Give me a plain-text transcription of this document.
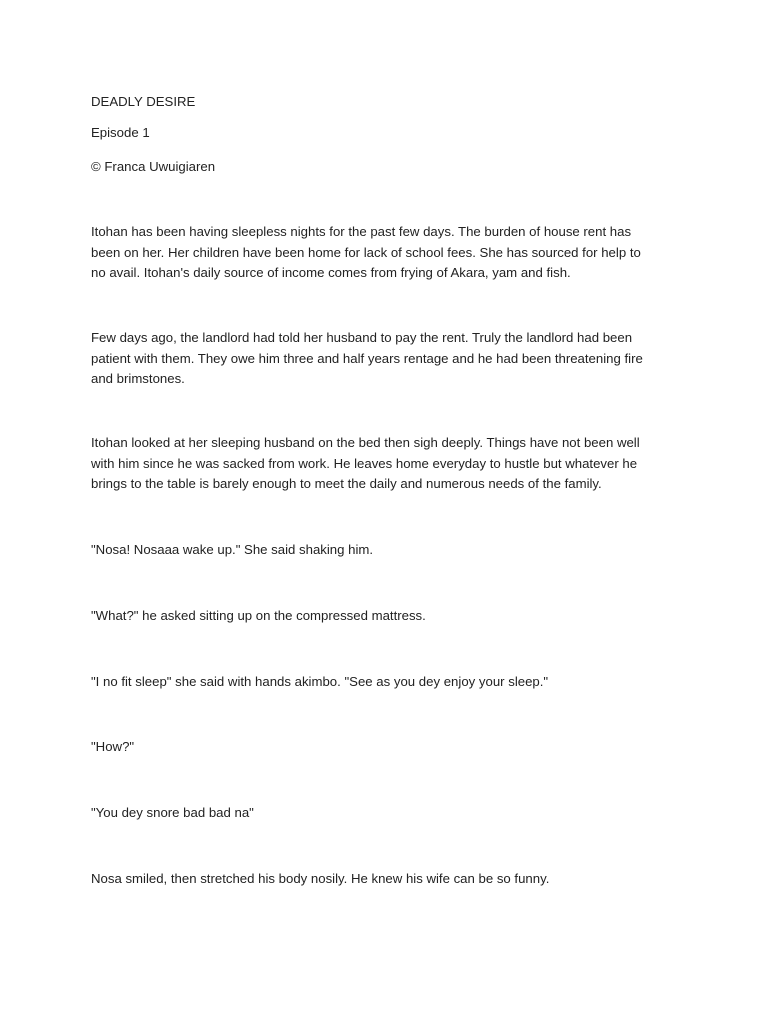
DEADLY DESIRE
Episode 1
© Franca Uwuigiaren
Itohan has been having sleepless nights for the past few days. The burden of house rent has
been on her. Her children have been home for lack of school fees. She has sourced for help to
no avail. Itohan's daily source of income comes from frying of Akara, yam and fish.
Few days ago, the landlord had told her husband to pay the rent. Truly the landlord had been
patient with them. They owe him three and half years rentage and he had been threatening fire
and brimstones.
Itohan looked at her sleeping husband on the bed then sigh deeply. Things have not been well
with him since he was sacked from work. He leaves home everyday to hustle but whatever he
brings to the table is barely enough to meet the daily and numerous needs of the family.
"Nosa! Nosaaa wake up." She said shaking him.
"What?" he asked sitting up on the compressed mattress.
"I no fit sleep" she said with hands akimbo. "See as you dey enjoy your sleep."
"How?"
"You dey snore bad bad na"
Nosa smiled, then stretched his body nosily. He knew his wife can be so funny.
